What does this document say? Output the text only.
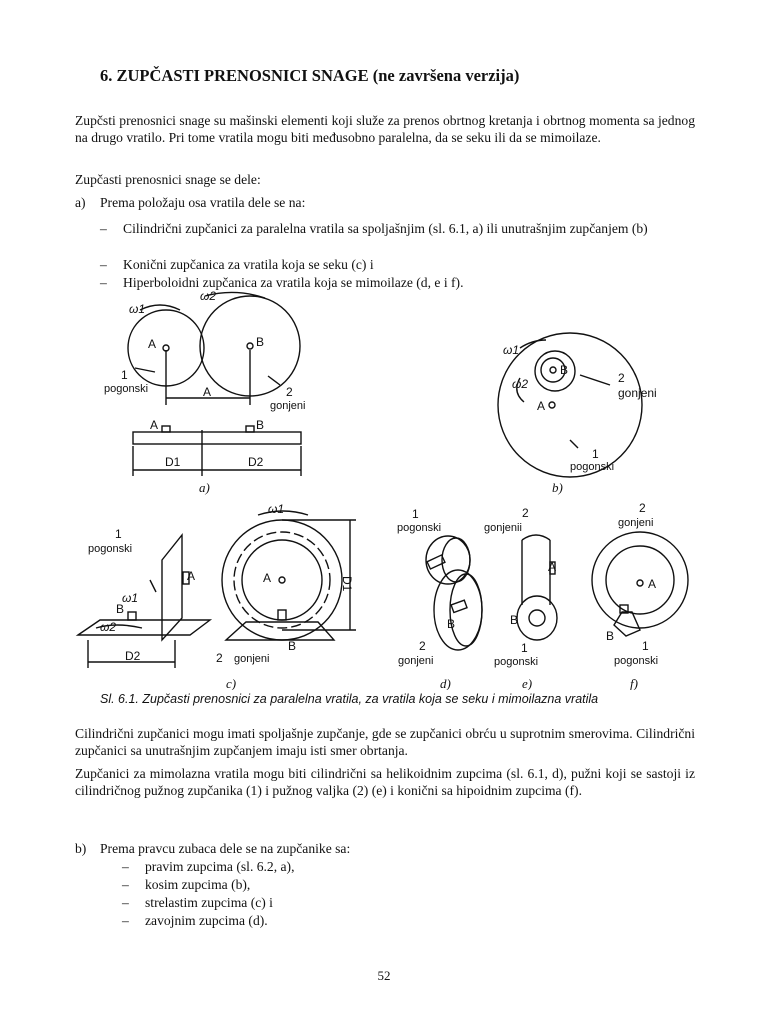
6. ZUPČASTI PRENOSNICI SNAGE (ne završena verzija)
Zupčsti prenosnici snage su mašinski elementi koji služe za prenos obrtnog kretanja i obrtnog momenta sa jednog na drugo vratilo. Pri tome vratila mogu biti međusobno paralelna, da se seku ili da se mimoilaze.
Zupčasti prenosnici snage se dele:
a) Prema položaju osa vratila dele se na:
– Cilindrični zupčanici za paralelna vratila sa spoljašnjim (sl. 6.1, a) ili unutrašnjim zupčanjem (b)
– Konični zupčanica za vratila koja se seku (c) i
– Hiperboloidni zupčanica za vratila koja se mimoilaze (d, e i f).
ω1
ω2
A	B
1
pogonski	2
gonjeni
A
A	B
D1	D2
ω1
ω2
B
A
2
gonjeni
1
pogonski
1
pogonski
A
B
ω1
ω2
D2
ω1
A
B
D1
2 gonjeni
1
pogonski
B
2
gonjeni
2
gonjenii
A
B
1
pogonski
2
gonjeni
A
B
1
pogonski
a)	b)
c)	d)	e)	f)
Sl. 6.1. Zupčasti prenosnici za paralelna vratila, za vratila koja se seku i mimoilazna vratila
Cilindrični zupčanici mogu imati spoljašnje zupčanje, gde se zupčanici obrću u suprotnim smerovima. Cilindrični zupčanici sa unutrašnjim zupčanjem imaju isti smer obrtanja.
Zupčanici za mimolazna vratila mogu biti cilindrični sa helikoidnim zupcima (sl. 6.1, d), pužni koji se sastoji iz cilindričnog pužnog zupčanika (1) i pužnog valjka (2) (e) i konični sa hipoidnim zupcima (f).
b) Prema pravcu zubaca dele se na zupčanike sa:
– pravim zupcima (sl. 6.2, a),
– kosim zupcima (b),
– strelastim zupcima (c) i
– zavojnim zupcima (d).
52
